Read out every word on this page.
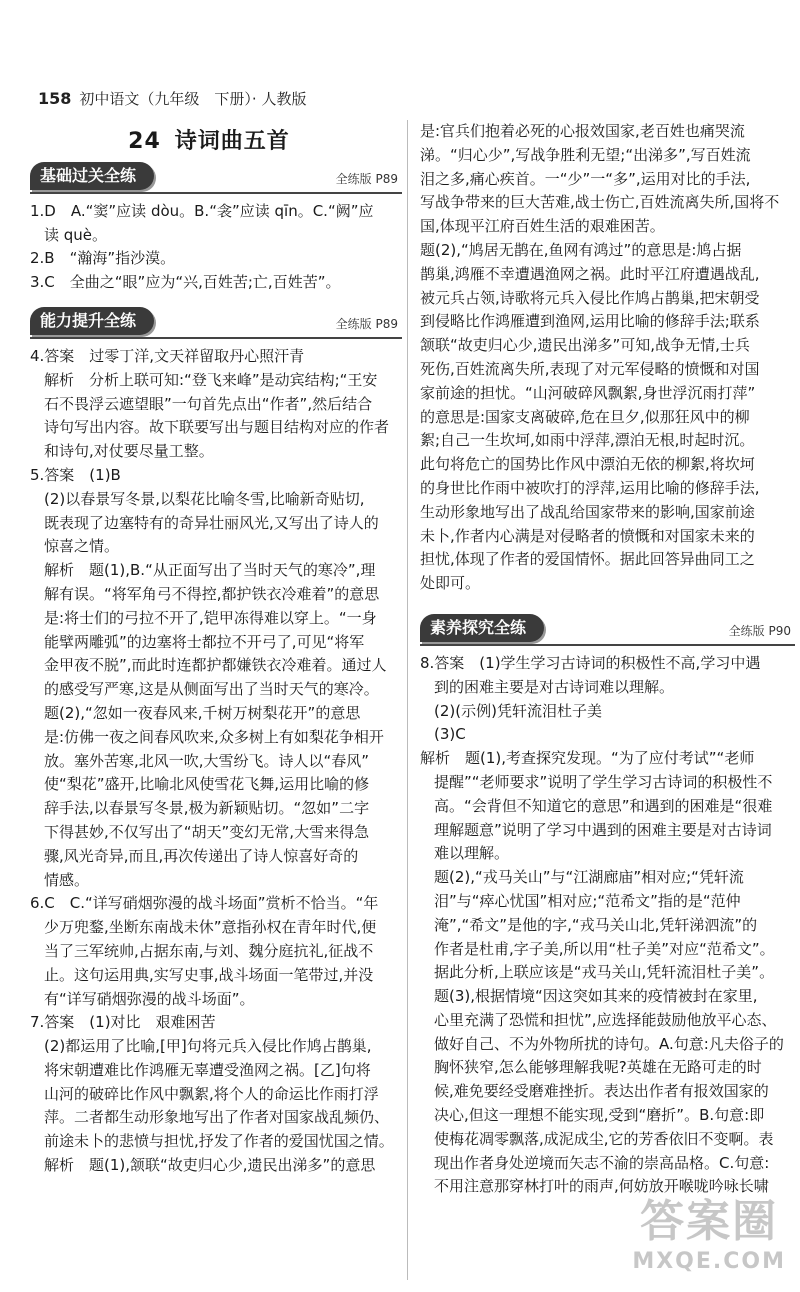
158 初中语文（九年级　下册）· 人教版
24 诗词曲五首
基础过关全练	全练版 P89

1.D　A.“窦”应读 dòu。B.“衾”应读 qīn。C.“阙”应

读 què。

2.B　“瀚海”指沙漠。

3.C　全曲之“眼”应为“兴,百姓苦;亡,百姓苦”。

能力提升全练	全练版 P89

4.答案　过零丁洋,文天祥留取丹心照汗青

解析　分析上联可知:“登飞来峰”是动宾结构;“王安

石不畏浮云遮望眼”一句首先点出“作者”,然后结合

诗句写出内容。故下联要写出与题目结构对应的作者

和诗句,对仗要尽量工整。

5.答案　(1)B

(2)以春景写冬景,以梨花比喻冬雪,比喻新奇贴切,

既表现了边塞特有的奇异壮丽风光,又写出了诗人的

惊喜之情。

解析　题(1),B.“从正面写出了当时天气的寒冷”,理

解有误。“将军角弓不得控,都护铁衣冷难着”的意思

是:将士们的弓拉不开了,铠甲冻得难以穿上。“一身

能擘两雕弧”的边塞将士都拉不开弓了,可见“将军

金甲夜不脱”,而此时连都护都嫌铁衣冷难着。通过人

的感受写严寒,这是从侧面写出了当时天气的寒冷。

题(2),“忽如一夜春风来,千树万树梨花开”的意思

是:仿佛一夜之间春风吹来,众多树上有如梨花争相开

放。塞外苦寒,北风一吹,大雪纷飞。诗人以“春风”

使“梨花”盛开,比喻北风使雪花飞舞,运用比喻的修

辞手法,以春景写冬景,极为新颖贴切。“忽如”二字

下得甚妙,不仅写出了“胡天”变幻无常,大雪来得急

骤,风光奇异,而且,再次传递出了诗人惊喜好奇的

情感。

6.C　C.“详写硝烟弥漫的战斗场面”赏析不恰当。“年

少万兜鍪,坐断东南战未休”意指孙权在青年时代,便

当了三军统帅,占据东南,与刘、魏分庭抗礼,征战不

止。这句运用典,实写史事,战斗场面一笔带过,并没

有“详写硝烟弥漫的战斗场面”。

7.答案　(1)对比　艰难困苦

(2)都运用了比喻,[甲]句将元兵入侵比作鸠占鹊巢,

将宋朝遭难比作鸿雁无辜遭受渔网之祸。[乙]句将

山河的破碎比作风中飘絮,将个人的命运比作雨打浮

萍。二者都生动形象地写出了作者对国家战乱频仍、

前途未卜的悲愤与担忧,抒发了作者的爱国忧国之情。

解析　题(1),颔联“故吏归心少,遗民出涕多”的意思

是:官兵们抱着必死的心报效国家,老百姓也痛哭流

涕。“归心少”,写战争胜利无望;“出涕多”,写百姓流

泪之多,痛心疾首。一“少”一“多”,运用对比的手法,

写战争带来的巨大苦难,战士伤亡,百姓流离失所,国将不

国,体现平江府百姓生活的艰难困苦。

题(2),“鸠居无鹊在,鱼网有鸿过”的意思是:鸠占据

鹊巢,鸿雁不幸遭遇渔网之祸。此时平江府遭遇战乱,

被元兵占领,诗歌将元兵入侵比作鸠占鹊巢,把宋朝受

到侵略比作鸿雁遭到渔网,运用比喻的修辞手法;联系

颔联“故吏归心少,遗民出涕多”可知,战争无情,士兵

死伤,百姓流离失所,表现了对元军侵略的愤慨和对国

家前途的担忧。“山河破碎风飘絮,身世浮沉雨打萍”

的意思是:国家支离破碎,危在旦夕,似那狂风中的柳

絮;自己一生坎坷,如雨中浮萍,漂泊无根,时起时沉。

此句将危亡的国势比作风中漂泊无依的柳絮,将坎坷

的身世比作雨中被吹打的浮萍,运用比喻的修辞手法,

生动形象地写出了战乱给国家带来的影响,国家前途

未卜,作者内心满是对侵略者的愤慨和对国家未来的

担忧,体现了作者的爱国情怀。据此回答异曲同工之

处即可。

素养探究全练	全练版 P90

8.答案　(1)学生学习古诗词的积极性不高,学习中遇

到的困难主要是对古诗词难以理解。

(2)(示例)凭轩流泪杜子美

(3)C

解析　题(1),考查探究发现。“为了应付考试”“老师

提醒”“老师要求”说明了学生学习古诗词的积极性不

高。“会背但不知道它的意思”和遇到的困难是“很难

理解题意”说明了学习中遇到的困难主要是对古诗词

难以理解。

题(2),“戎马关山”与“江湖廊庙”相对应;“凭轩流

泪”与“瘁心忧国”相对应;“范希文”指的是“范仲

淹”,“希文”是他的字,“戎马关山北,凭轩涕泗流”的

作者是杜甫,字子美,所以用“杜子美”对应“范希文”。

据此分析,上联应该是“戎马关山,凭轩流泪杜子美”。

题(3),根据情境“因这突如其来的疫情被封在家里,

心里充满了恐慌和担忧”,应选择能鼓励他放平心态、

做好自己、不为外物所扰的诗句。A.句意:凡夫俗子的

胸怀狭窄,怎么能够理解我呢?英雄在无路可走的时

候,难免要经受磨难挫折。表达出作者有报效国家的

决心,但这一理想不能实现,受到“磨折”。B.句意:即

使梅花凋零飘落,成泥成尘,它的芳香依旧不变啊。表

现出作者身处逆境而矢志不渝的崇高品格。C.句意:

不用注意那穿林打叶的雨声,何妨放开喉咙吟咏长啸

答案圈
MXQE.COM
